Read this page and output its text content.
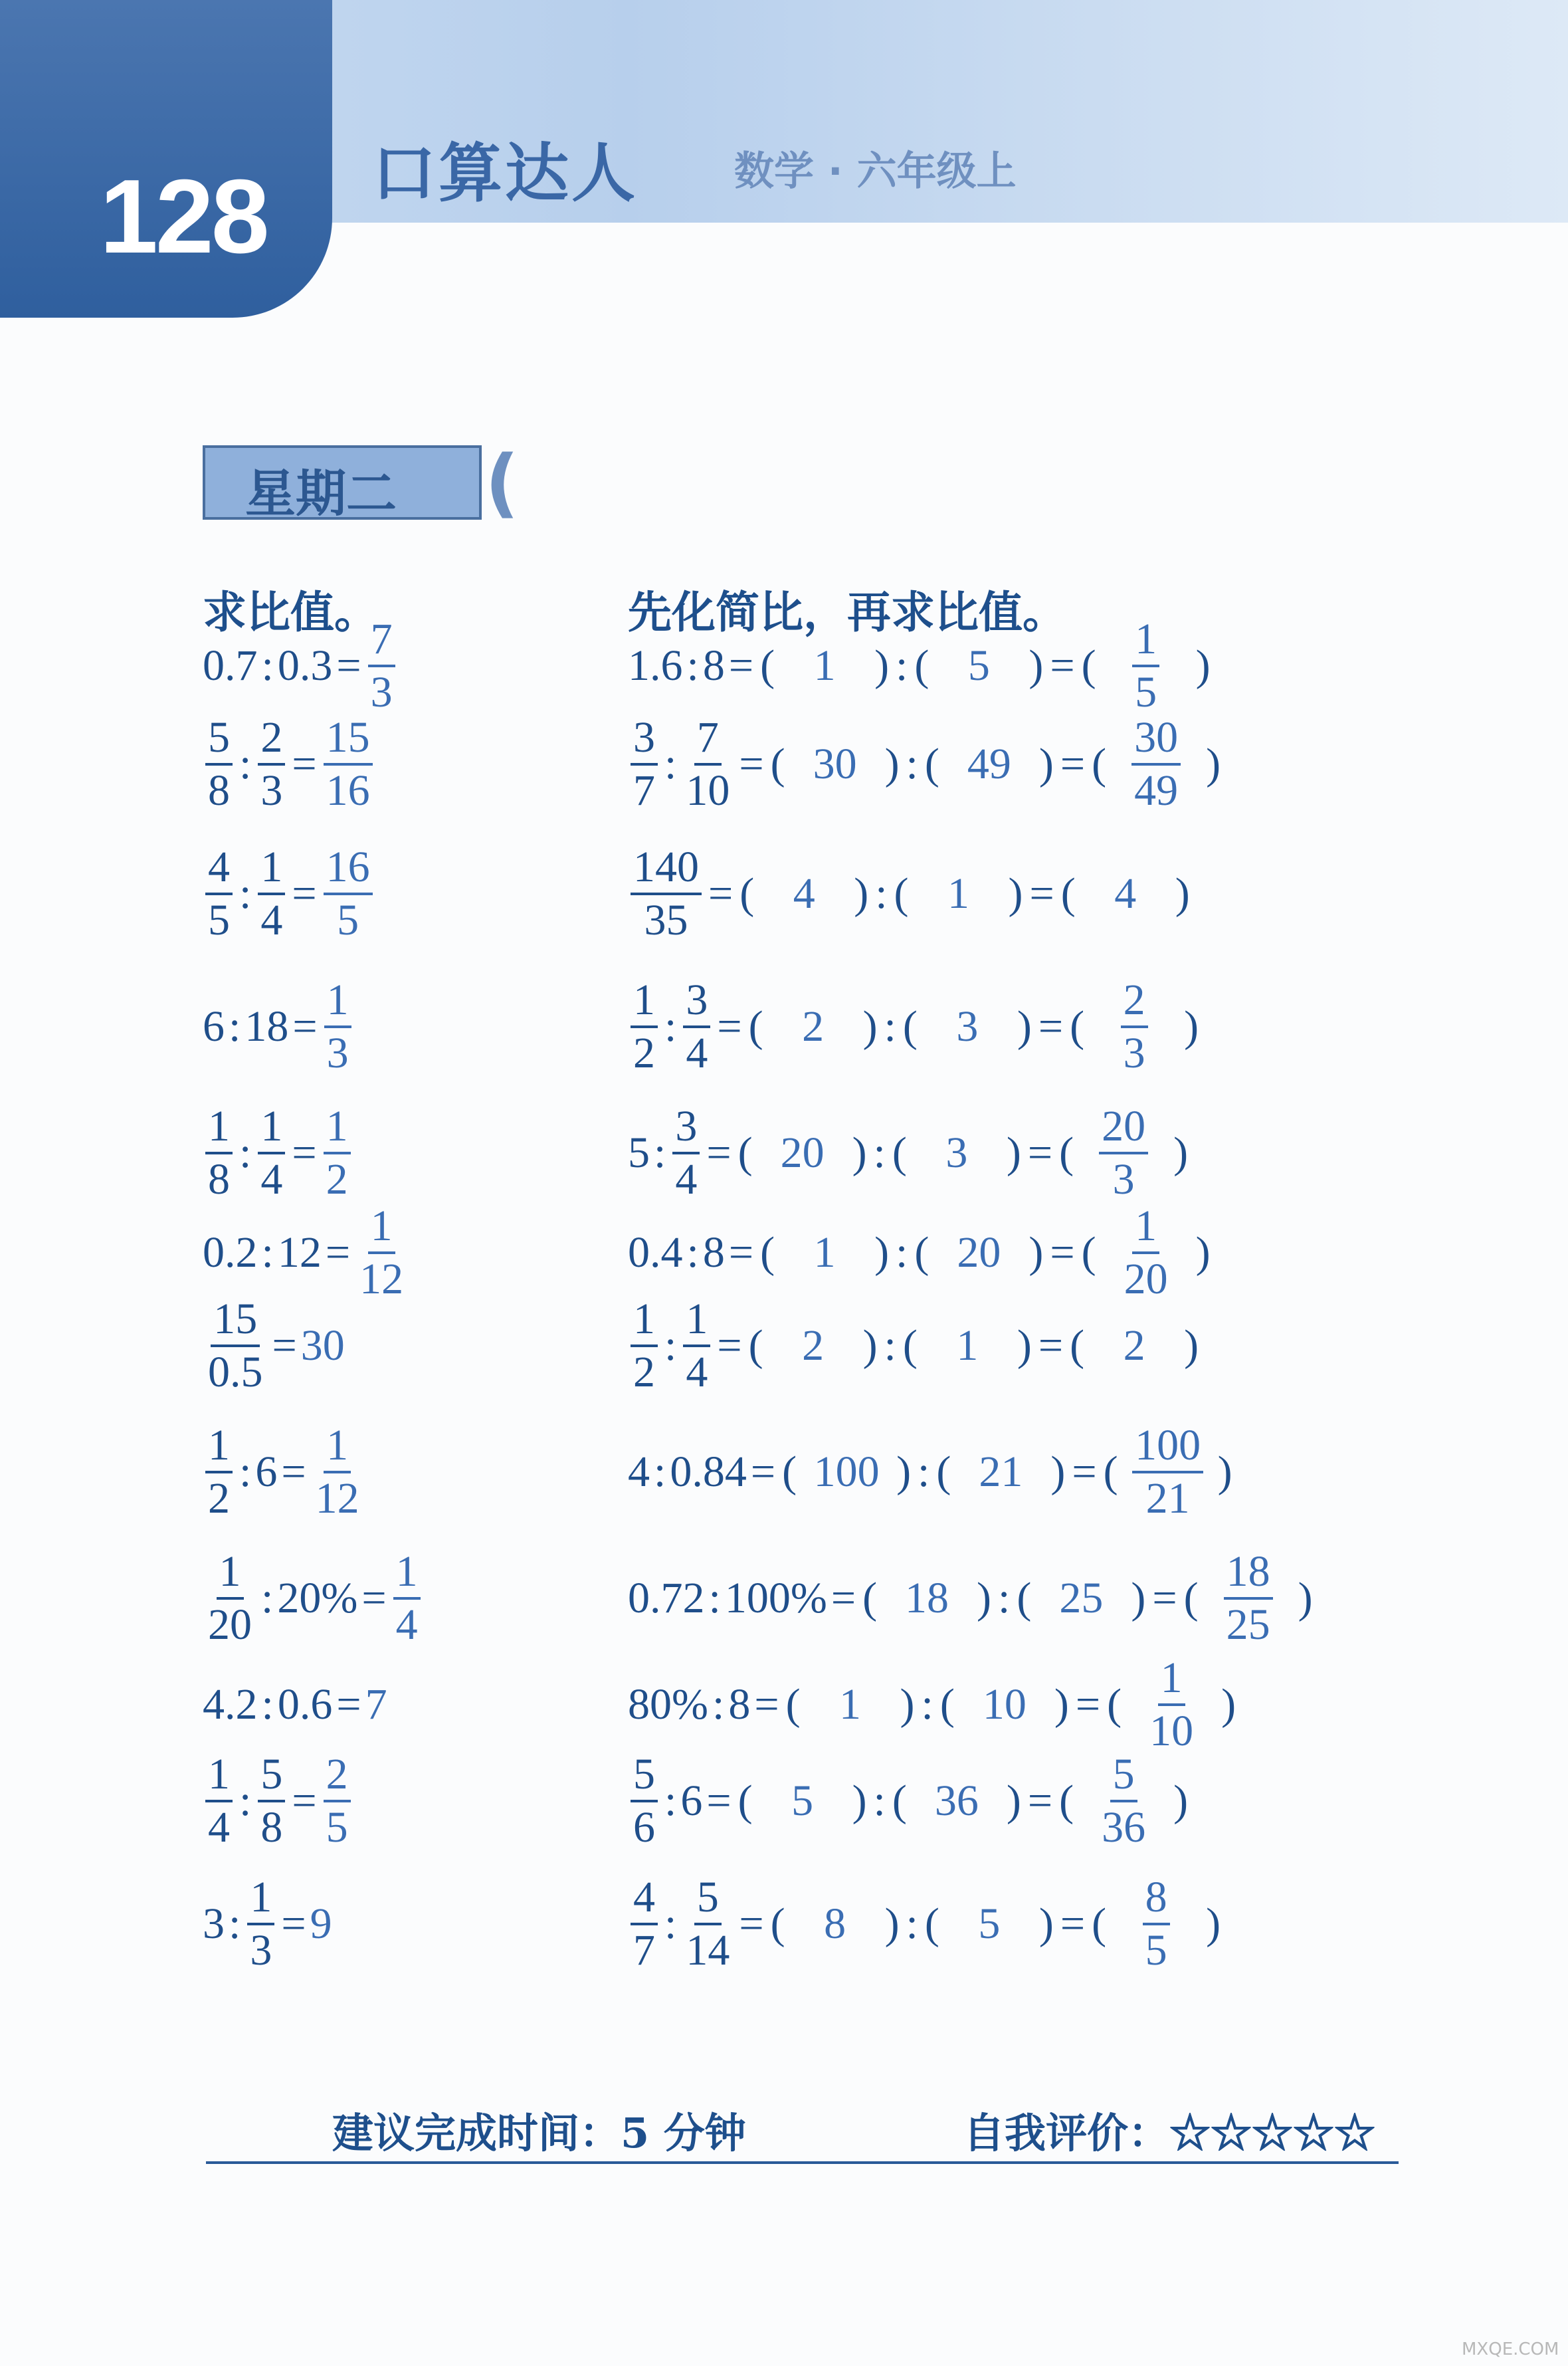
128 口算达人 数学 · 六年级上
星期二 (
求比值。	先化简比，再求比值。
0.7 : $0.3 = \frac{7}{3}$
$\frac{5}{8}$ : $\frac{2}{3} = \frac{15}{16}$
$\frac{4}{5}$ : $\frac{1}{4} = \frac{16}{5}$
6 : $18 = \frac{1}{3}$
$\frac{1}{8}$ : $\frac{1}{4} = \frac{1}{2}$
0.2 : $12 = \frac{1}{12}$
$\frac{15}{0.5} = 30$
$\frac{1}{2}$ : $6 = \frac{1}{12}$
$\frac{1}{20}$ : $20\% = \frac{1}{4}$
4.2 : 0.6 = 7
$\frac{1}{4}$ : $\frac{5}{8} = \frac{2}{5}$
3 : $\frac{1}{3} = 9$
1.6 : 8 = ( 1 ) : ( 5 ) = ( $\frac{1}{5}$ )
$\frac{3}{7}$ : $\frac{7}{10}$ = ( 30 ) : ( 49 ) = ( $\frac{30}{49}$ )
$\frac{140}{35}$ = ( 4 ) : ( 1 ) = ( 4 )
$\frac{1}{2}$ : $\frac{3}{4}$ = ( 2 ) : ( 3 ) = ( $\frac{2}{3}$ )
5 : $\frac{3}{4}$ = ( 20 ) : ( 3 ) = ( $\frac{20}{3}$ )
0.4 : 8 = ( 1 ) : ( 20 ) = ( $\frac{1}{20}$ )
$\frac{1}{2}$ : $\frac{1}{4}$ = ( 2 ) : ( 1 ) = ( 2 )
4 : 0.84 = ( 100 ) : ( 21 ) = ( $\frac{100}{21}$ )
0.72 : 100% = ( 18 ) : ( 25 ) = ( $\frac{18}{25}$ )
80% : 8 = ( 1 ) : ( 10 ) = ( $\frac{1}{10}$ )
$\frac{5}{6}$ : 6 = ( 5 ) : ( 36 ) = ( $\frac{5}{36}$ )
$\frac{4}{7}$ : $\frac{5}{14}$ = ( 8 ) : ( 5 ) = ( $\frac{8}{5}$ )
建议完成时间：5 分钟	自我评价：☆☆☆☆☆
MXQE.COM
